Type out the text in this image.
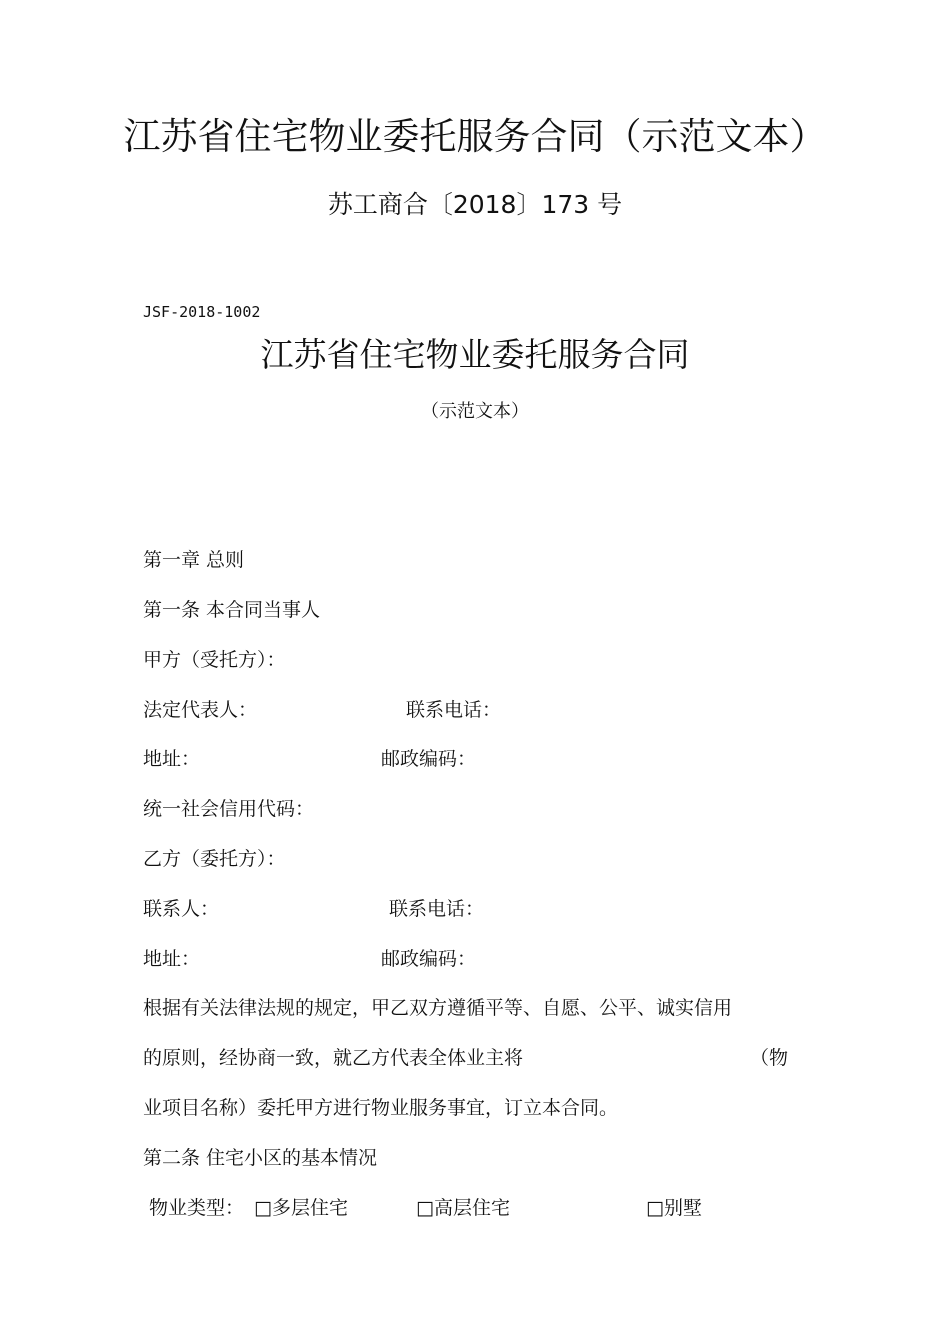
江苏省住宅物业委托服务合同（示范文本）
苏工商合〔2018〕173 号
JSF-2018-1002
江苏省住宅物业委托服务合同
（示范文本）
第一章 总则
第一条 本合同当事人
甲方（受托方）：
法定代表人：	联系电话：
地址：	邮政编码：
统一社会信用代码：
乙方（委托方）：
联系人：	联系电话：
地址：	邮政编码：
根据有关法律法规的规定，甲乙双方遵循平等、自愿、公平、诚实信用
的原则，经协商一致，就乙方代表全体业主将	（物
业项目名称）委托甲方进行物业服务事宜，订立本合同。
第二条 住宅小区的基本情况
物业类型： □多层住宅	□高层住宅	□别墅
